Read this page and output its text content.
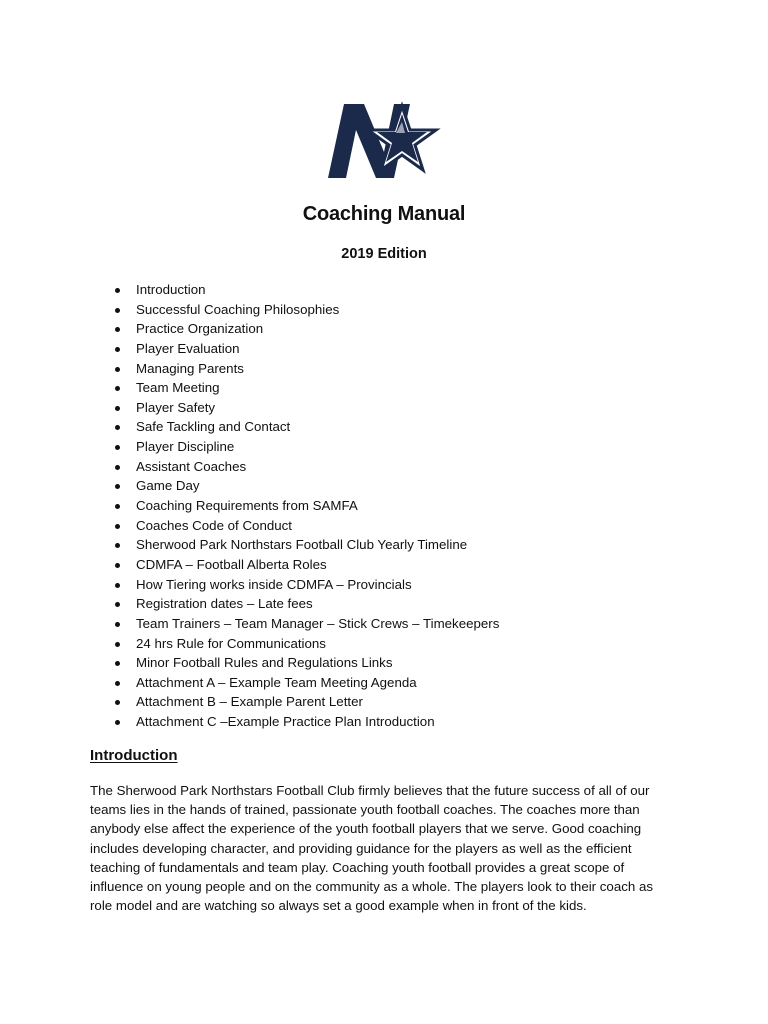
Coaching Manual
2019 Edition
Introduction
Successful Coaching Philosophies
Practice Organization
Player Evaluation
Managing Parents
Team Meeting
Player Safety
Safe Tackling and Contact
Player Discipline
Assistant Coaches
Game Day
Coaching Requirements from SAMFA
Coaches Code of Conduct
Sherwood Park Northstars Football Club Yearly Timeline
CDMFA – Football Alberta Roles
How Tiering works inside CDMFA – Provincials
Registration dates – Late fees
Team Trainers – Team Manager – Stick Crews – Timekeepers
24 hrs Rule for Communications
Minor Football Rules and Regulations Links
Attachment A – Example Team Meeting Agenda
Attachment B – Example Parent Letter
Attachment C –Example Practice Plan Introduction
Introduction
The Sherwood Park Northstars Football Club firmly believes that the future success of all of our
teams lies in the hands of trained, passionate youth football coaches. The coaches more than
anybody else affect the experience of the youth football players that we serve. Good coaching
includes developing character, and providing guidance for the players as well as the efficient
teaching of fundamentals and team play. Coaching youth football provides a great scope of
influence on young people and on the community as a whole. The players look to their coach as
role model and are watching so always set a good example when in front of the kids.
